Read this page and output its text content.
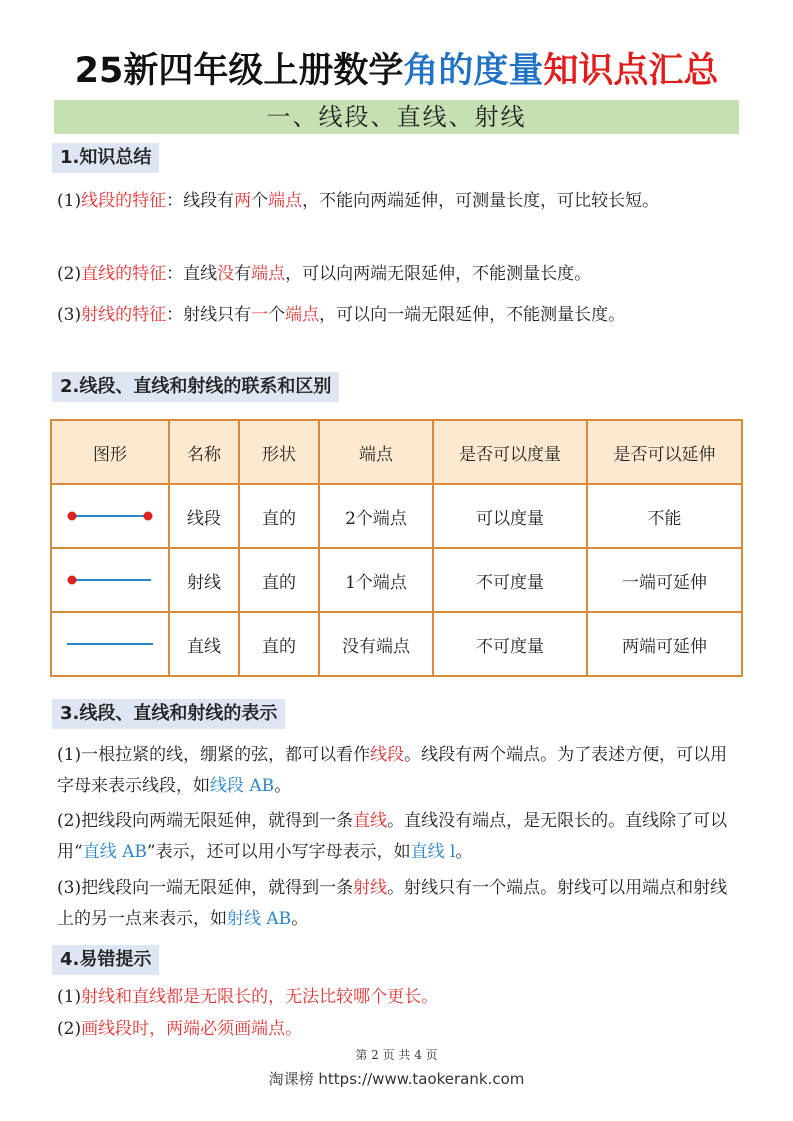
25新四年级上册数学角的度量知识点汇总
一、线段、直线、射线
1.知识总结
(1)线段的特征：线段有两个端点，不能向两端延伸，可测量长度，可比较长短。
(2)直线的特征：直线没有端点，可以向两端无限延伸，不能测量长度。
(3)射线的特征：射线只有一个端点，可以向一端无限延伸，不能测量长度。
2.线段、直线和射线的联系和区别
图形	名称	形状	端点	是否可以度量	是否可以延伸

	线段	直的	2个端点	可以度量	不能

	射线	直的	1个端点	不可度量	一端可延伸

	直线	直的	没有端点	不可度量	两端可延伸
3.线段、直线和射线的表示
(1)一根拉紧的线，绷紧的弦，都可以看作线段。线段有两个端点。为了表述方便，可以用字母来表示线段，如线段 AB。
(2)把线段向两端无限延伸，就得到一条直线。直线没有端点，是无限长的。直线除了可以用“直线 AB”表示，还可以用小写字母表示，如直线 l。
(3)把线段向一端无限延伸，就得到一条射线。射线只有一个端点。射线可以用端点和射线上的另一点来表示，如射线 AB。
4.易错提示
(1)射线和直线都是无限长的，无法比较哪个更长。
(2)画线段时，两端必须画端点。
第 2 页 共 4 页
淘课榜 https://www.taokerank.com
